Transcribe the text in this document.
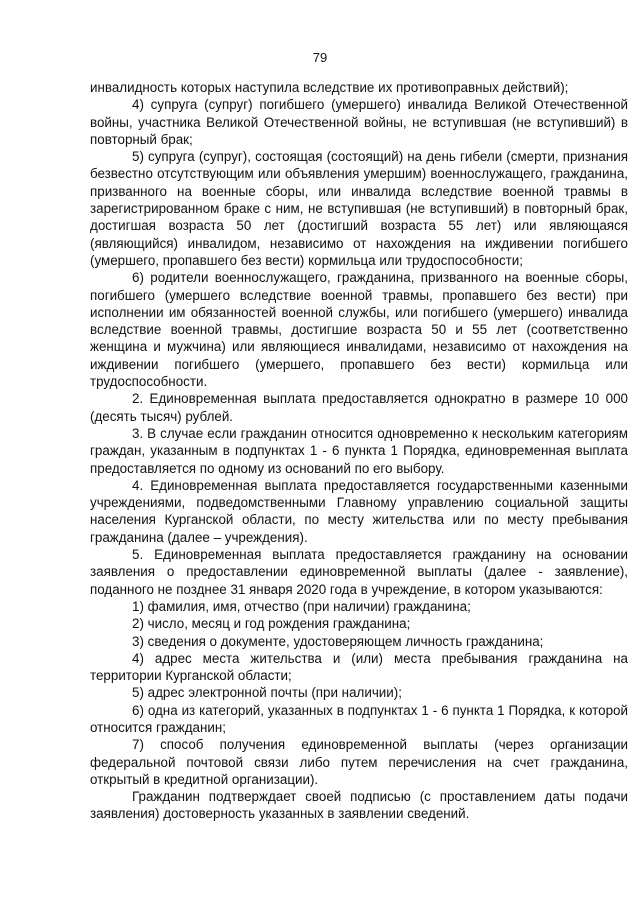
79

инвалидность которых наступила вследствие их противоправных действий);

4) супруга (супруг) погибшего (умершего) инвалида Великой Отечественной войны, участника Великой Отечественной войны, не вступившая (не вступивший) в повторный брак;

5) супруга (супруг), состоящая (состоящий) на день гибели (смерти, признания безвестно отсутствующим или объявления умершим) военнослужащего, гражданина, призванного на военные сборы, или инвалида вследствие военной травмы в зарегистрированном браке с ним, не вступившая (не вступивший) в повторный брак, достигшая возраста 50 лет (достигший возраста 55 лет) или являющаяся (являющийся) инвалидом, независимо от нахождения на иждивении погибшего (умершего, пропавшего без вести) кормильца или трудоспособности;

6) родители военнослужащего, гражданина, призванного на военные сборы, погибшего (умершего вследствие военной травмы, пропавшего без вести) при исполнении им обязанностей военной службы, или погибшего (умершего) инвалида вследствие военной травмы, достигшие возраста 50 и 55 лет (соответственно женщина и мужчина) или являющиеся инвалидами, независимо от нахождения на иждивении погибшего (умершего, пропавшего без вести) кормильца или трудоспособности.

2. Единовременная выплата предоставляется однократно в размере 10 000 (десять тысяч) рублей.

3. В случае если гражданин относится одновременно к нескольким категориям граждан, указанным в подпунктах 1 - 6 пункта 1 Порядка, единовременная выплата предоставляется по одному из оснований по его выбору.

4. Единовременная выплата предоставляется государственными казенными учреждениями, подведомственными Главному управлению социальной защиты населения Курганской области, по месту жительства или по месту пребывания гражданина (далее – учреждения).

5. Единовременная выплата предоставляется гражданину на основании заявления о предоставлении единовременной выплаты (далее - заявление), поданного не позднее 31 января 2020 года в учреждение, в котором указываются:

1) фамилия, имя, отчество (при наличии) гражданина;

2) число, месяц и год рождения гражданина;

3) сведения о документе, удостоверяющем личность гражданина;

4) адрес места жительства и (или) места пребывания гражданина на территории Курганской области;

5) адрес электронной почты (при наличии);

6) одна из категорий, указанных в подпунктах 1 - 6 пункта 1 Порядка, к которой относится гражданин;

7) способ получения единовременной выплаты (через организации федеральной почтовой связи либо путем перечисления на счет гражданина, открытый в кредитной организации).

Гражданин подтверждает своей подписью (с проставлением даты подачи заявления) достоверность указанных в заявлении сведений.
